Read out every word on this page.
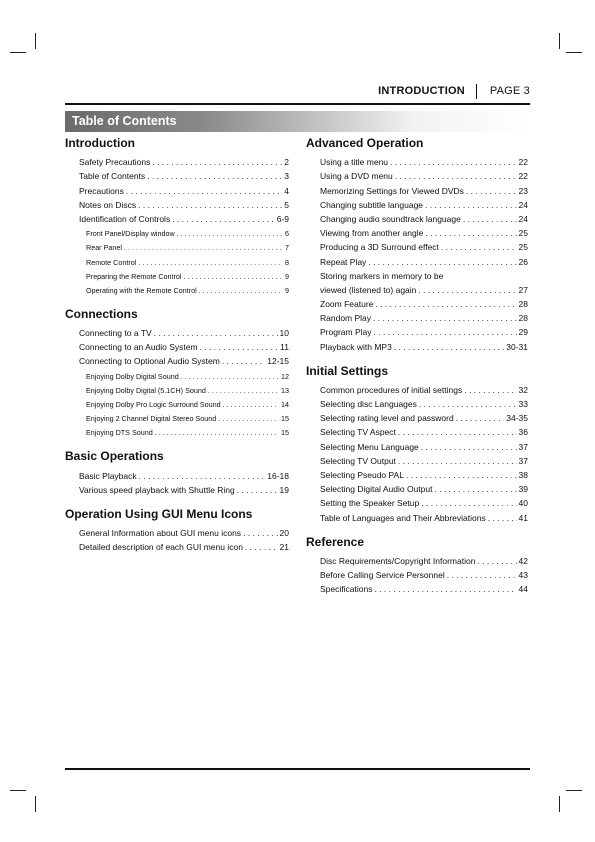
INTRODUCTION PAGE 3
Table of Contents
Introduction
Safety Precautions . . .	2
Table of Contents . . .	3
Precautions . . .	4
Notes on Discs . . .	5
Identification of Controls . . .	6-9
Front Panel/Display window . . .	6
Rear Panel . . .	7
Remote Control . . .	8
Preparing the Remote Control . . .	9
Operating with the Remote Control . . .	9
Connections
Connecting to a TV . . .	10
Connecting to an Audio System . . .	11
Connecting to Optional Audio System . . .	12-15
Enjoying Dolby Digital Sound . . .	12
Enjoying Dolby Digital (5.1CH) Sound . . .	13
Enjoying Dolby Pro Logic Surround Sound . . .	14
Enjoying 2 Channel Digital Stereo Sound . . .	15
Enjoying DTS Sound . . .	15
Basic Operations
Basic Playback . . .	16-18
Various speed playback with Shuttle Ring . . .	19
Operation Using GUI Menu Icons
General Information about GUI menu icons . . .	20
Detailed description of each GUI menu icon . . .	21
Advanced Operation
Using a title menu . . .	22
Using a DVD menu . . .	22
Memorizing Settings for Viewed DVDs . . .	23
Changing subtitle language . . .	24
Changing audio soundtrack language . . .	24
Viewing from another angle . . .	25
Producing a 3D Surround effect . . .	25
Repeat Play . . .	26
Storing markers in memory to be
viewed (listened to) again . . .	27
Zoom Feature . . .	28
Random Play . . .	28
Program Play . . .	29
Playback with MP3 . . .	30-31
Initial Settings
Common procedures of initial settings . . .	32
Selecting disc Languages . . .	33
Selecting rating level and password . . .	34-35
Selecting TV Aspect . . .	36
Selecting Menu Language . . .	37
Selecting TV Output . . .	37
Selecting Pseudo PAL . . .	38
Selecting Digital Audio Output . . .	39
Setting the Speaker Setup . . .	40
Table of Languages and Their Abbreviations . . .	41
Reference
Disc Requirements/Copyright Information . . .	42
Before Calling Service Personnel . . .	43
Specifications . . .	44
